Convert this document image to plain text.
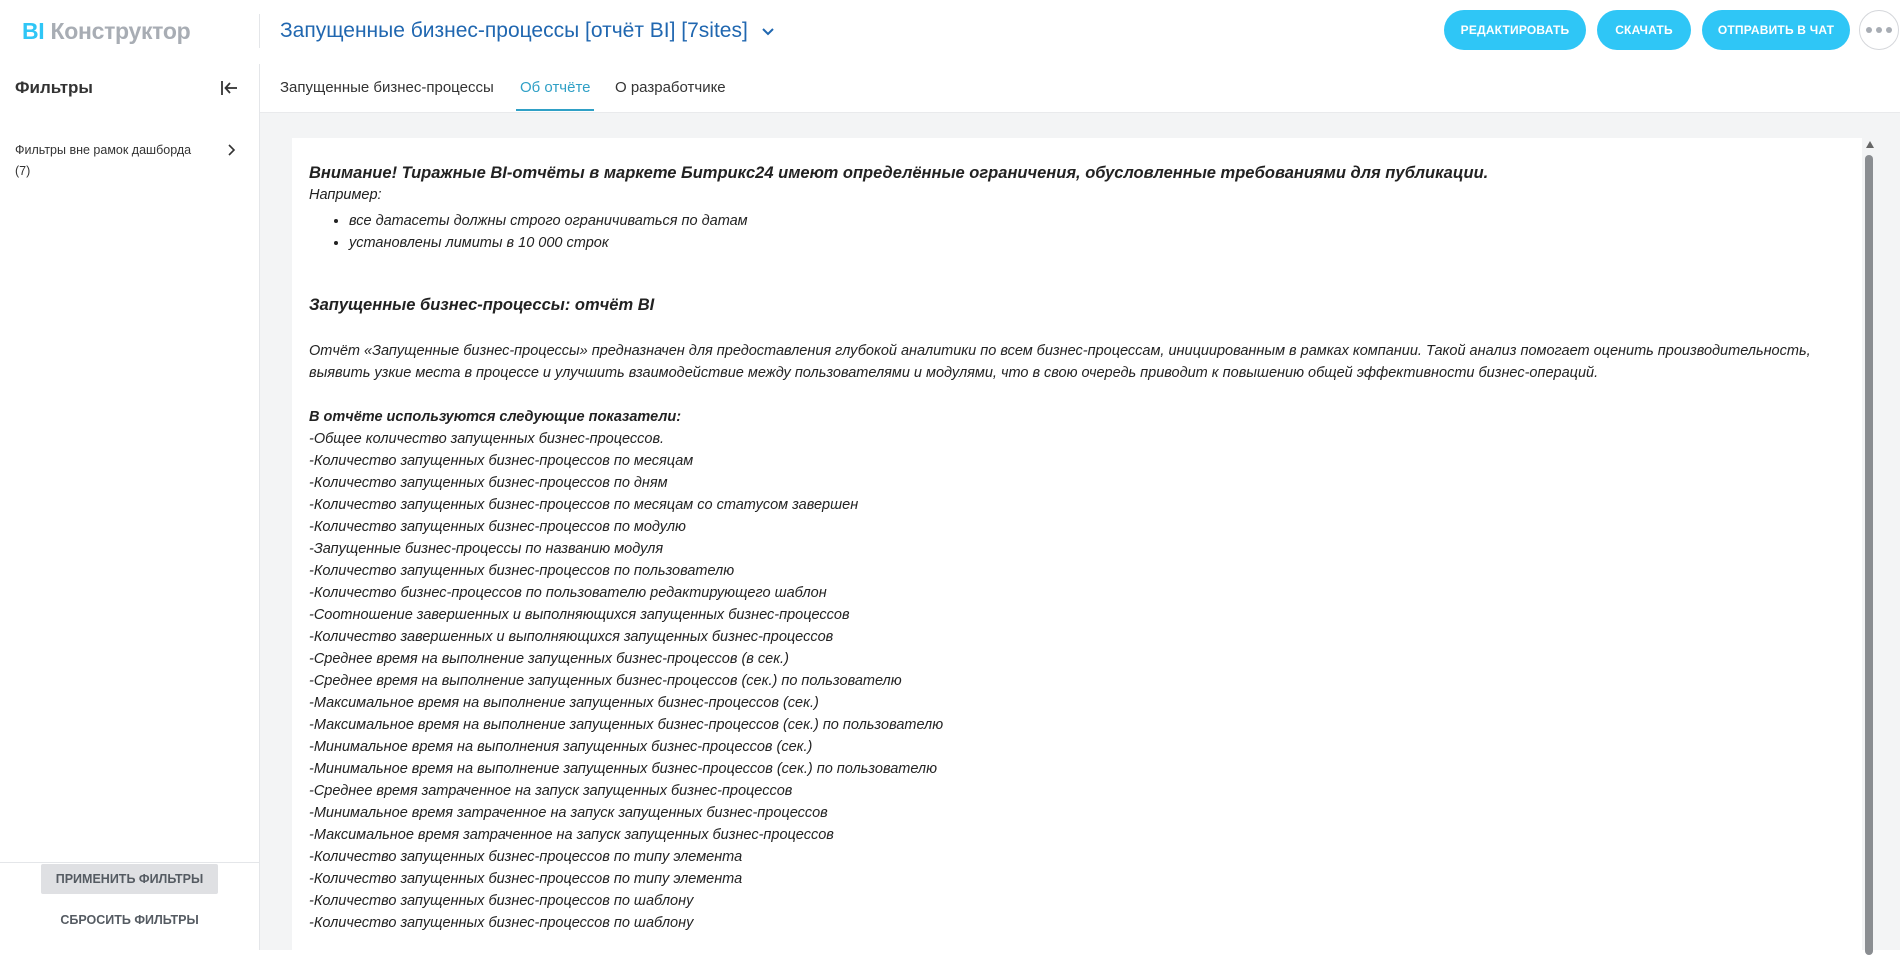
BI Конструктор	Запущенные бизнес-процессы [отчёт BI] [7sites]	РЕДАКТИРОВАТЬ	СКАЧАТЬ	ОТПРАВИТЬ В ЧАТ
Фильтры
Фильтры вне рамок дашборда (7)
ПРИМЕНИТЬ ФИЛЬТРЫ
СБРОСИТЬ ФИЛЬТРЫ
Запущенные бизнес-процессы Об отчёте О разработчике

Внимание! Тиражные BI-отчёты в маркете Битрикс24 имеют определённые ограничения, обусловленные требованиями для публикации.

Например:

• все датасеты должны строго ограничиваться по датам
• установлены лимиты в 10 000 строк

Запущенные бизнес-процессы: отчёт BI

Отчёт «Запущенные бизнес-процессы» предназначен для предоставления глубокой аналитики по всем бизнес-процессам, инициированным в рамках компании. Такой анализ помогает оценить производительность, выявить узкие места в процессе и улучшить взаимодействие между пользователями и модулями, что в свою очередь приводит к повышению общей эффективности бизнес-операций.

В отчёте используются следующие показатели:

-Общее количество запущенных бизнес-процессов.

-Количество запущенных бизнес-процессов по месяцам

-Количество запущенных бизнес-процессов по дням

-Количество запущенных бизнес-процессов по месяцам со статусом завершен

-Количество запущенных бизнес-процессов по модулю

-Запущенные бизнес-процессы по названию модуля

-Количество запущенных бизнес-процессов по пользователю

-Количество бизнес-процессов по пользователю редактирующего шаблон

-Соотношение завершенных и выполняющихся запущенных бизнес-процессов

-Количество завершенных и выполняющихся запущенных бизнес-процессов

-Среднее время на выполнение запущенных бизнес-процессов (в сек.)

-Среднее время на выполнение запущенных бизнес-процессов (сек.) по пользователю

-Максимальное время на выполнение запущенных бизнес-процессов (сек.)

-Максимальное время на выполнение запущенных бизнес-процессов (сек.) по пользователю

-Минимальное время на выполнения запущенных бизнес-процессов (сек.)

-Минимальное время на выполнение запущенных бизнес-процессов (сек.) по пользователю

-Среднее время затраченное на запуск запущенных бизнес-процессов

-Минимальное время затраченное на запуск запущенных бизнес-процессов

-Максимальное время затраченное на запуск запущенных бизнес-процессов

-Количество запущенных бизнес-процессов по типу элемента

-Количество запущенных бизнес-процессов по типу элемента

-Количество запущенных бизнес-процессов по шаблону

-Количество запущенных бизнес-процессов по шаблону
